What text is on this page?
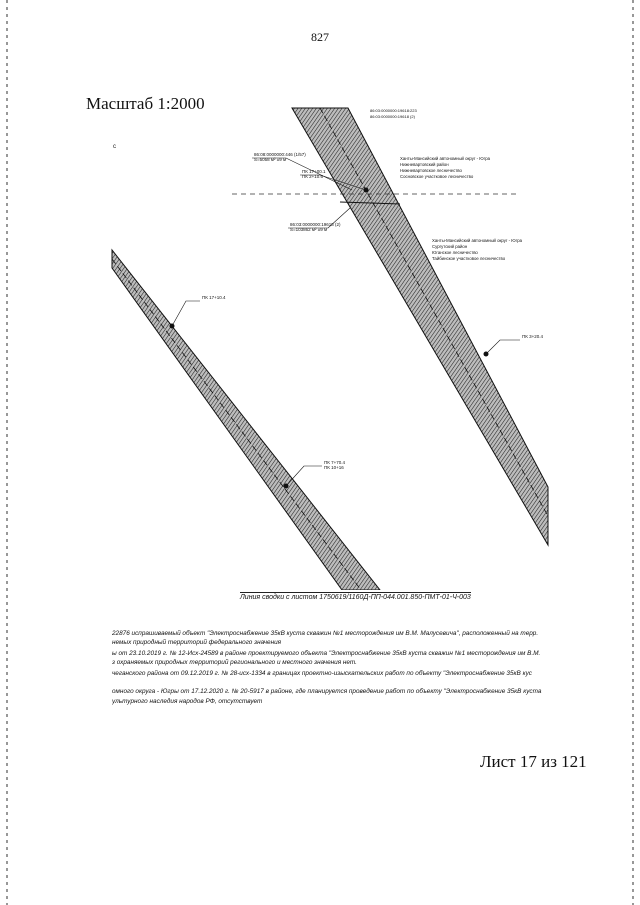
827
Масштаб 1:2000
с
86:08:0000000:446 (1/57)
S=5058 м² ±9 м
86:03:0000000:19618 (2)
S=103862 м² ±9 м
86:03:0000000:19618:223
86:03:0000000:19618 (2)
ПК 17+00.1
ПК 2+10.6
ПК 3+20.4
ПК 17+10.4
ПК 7+70.4
ПК 10+16
Ханты-Мансийский автономный округ - Югра
Нижневартовский район
Нижневартовское лесничество
Сосновское участковое лесничество
Ханты-Мансийский автономный округ - Югра
Сургутский район
Юганское лесничество
Тайбинское участковое лесничество
Линия сводки с листом 1750619/1160Д-ПП-044.001.850-ПМТ-01-Ч-003
22876 испрашиваемый объект "Электроснабжение 35кВ куста скважин №1 месторождения им В.М. Малусевича", расположенный на терр.
немых природный территорий федерального значения
ы от 23.10.2019 г. № 12-Исх-24589 в районе проектируемого объекта "Электроснабжение 35кВ куста скважин №1 месторождения им В.М.
з охраняемых природных территорий регионального и местного значения нет.
чеганского района от 09.12.2019 г. № 28-исх-1334 в границах проектно-изыскательских работ по объекту "Электроснабжение 35кВ кус
омного округа - Югры от 17.12.2020 г. № 20-5917 в районе, где планируется проведение работ по объекту "Электроснабжение 35кВ куста
ультурного наследия народов РФ, отсутствует
Лист 17 из 121
